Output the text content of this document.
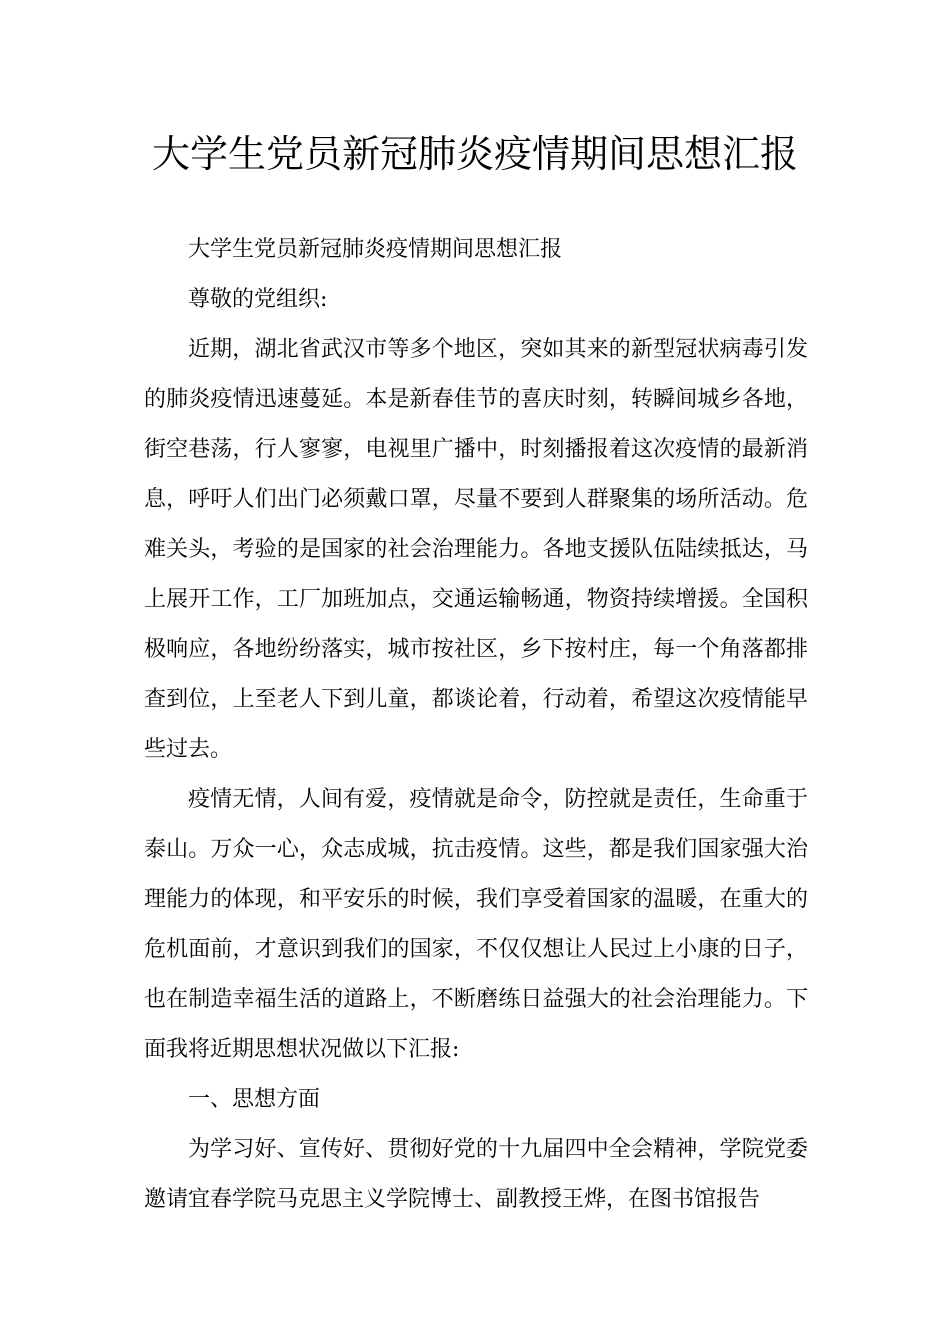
大学生党员新冠肺炎疫情期间思想汇报

大学生党员新冠肺炎疫情期间思想汇报

尊敬的党组织:

近期，湖北省武汉市等多个地区，突如其来的新型冠状病毒引发的肺炎疫情迅速蔓延。本是新春佳节的喜庆时刻，转瞬间城乡各地，街空巷荡，行人寥寥，电视里广播中，时刻播报着这次疫情的最新消息，呼吁人们出门必须戴口罩，尽量不要到人群聚集的场所活动。危难关头，考验的是国家的社会治理能力。各地支援队伍陆续抵达，马上展开工作，工厂加班加点，交通运输畅通，物资持续增援。全国积极响应，各地纷纷落实，城市按社区，乡下按村庄，每一个角落都排查到位，上至老人下到儿童，都谈论着，行动着，希望这次疫情能早些过去。

疫情无情，人间有爱，疫情就是命令，防控就是责任，生命重于泰山。万众一心，众志成城，抗击疫情。这些，都是我们国家强大治理能力的体现，和平安乐的时候，我们享受着国家的温暖，在重大的危机面前，才意识到我们的国家，不仅仅想让人民过上小康的日子，也在制造幸福生活的道路上，不断磨练日益强大的社会治理能力。下面我将近期思想状况做以下汇报:

一、思想方面

为学习好、宣传好、贯彻好党的十九届四中全会精神，学院党委邀请宜春学院马克思主义学院博士、副教授王烨，在图书馆报告
